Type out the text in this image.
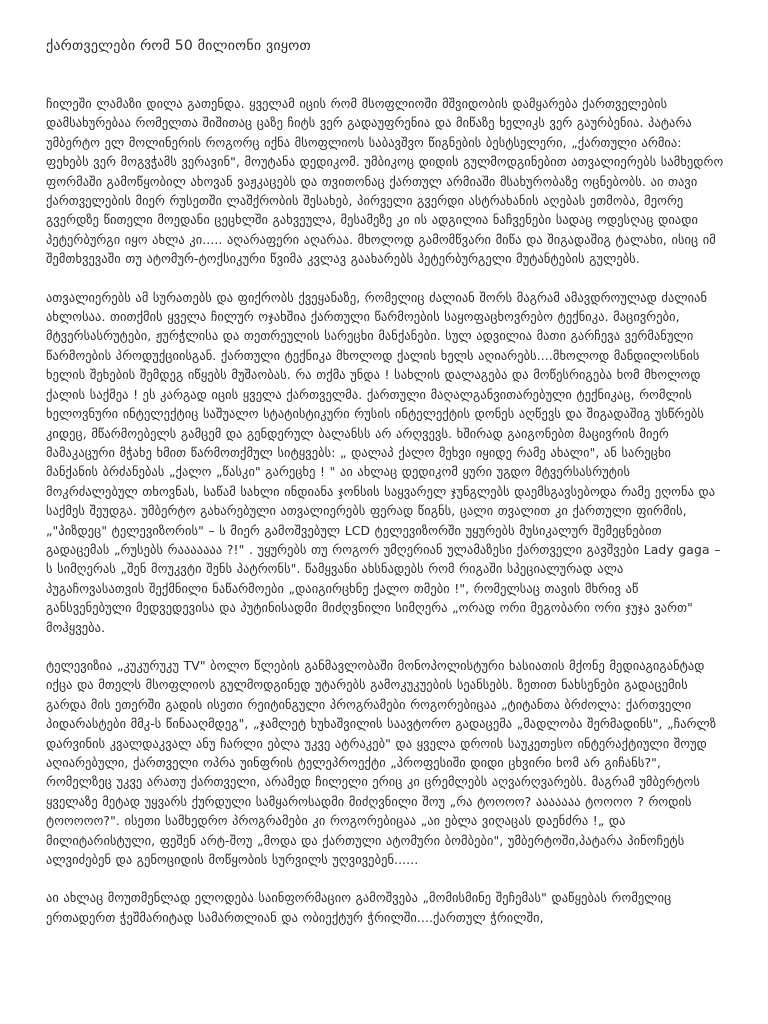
ქართველები რომ 50 მილიონი ვიყოთ

ჩილეში ლამაზი დილა გათენდა. ყველამ იცის რომ მსოფლიოში მშვიდობის დამყარება ქართველების დამსახურებაა რომელთა შიშითაც ცაზე ჩიტს ვერ გადაუფრენია და მიწაზე ხელიკს ვერ გაურბენია. პატარა უმბერტო ელ მოლინერის როგორც იქნა მსოფლიოს საბავშვო წიგნების ბესტსელერი, „ქართული არმია: ფეხებს ვერ მოგვჭამს ვერავინ", მოუტანა დედიკომ. უმბიკოც დიდის გულმოდგინებით ათვალიერებს სამხედრო ფორმაში გამოწყობილ ახოვან ვაჟკაცებს და თვითონაც ქართულ არმიაში მსახურობაზე ოცნებობს. აი თავი ქართველების მიერ რუსეთში ლაშქრობის შესახებ, პირველი გვერდი ასტრახანის აღებას ეთმობა, მეორე გვერდზე წითელი მოედანი ცეცხლში გახვეულა, მესამეზე კი ის ადგილია ნაჩვენები სადაც ოდესღაც დიადი პეტერბურგი იყო ახლა კი..... აღარაფერი აღარაა. მხოლოდ გამომწვარი მიწა და შიგადაშიგ ტალახი, ისიც იმ შემთხვევაში თუ ატომურ-ტოქსიკური წვიმა კვლავ გაახარებს პეტერბურგელი მუტანტების გულებს.

ათვალიერებს ამ სურათებს და ფიქრობს ქვეყანაზე, რომელიც ძალიან შორს მაგრამ ამავდროულად ძალიან ახლოსაა. თითქმის ყველა ჩილურ ოჯახშია ქართული წარმოების საყოფაცხოვრებო ტექნიკა. მაცივრები, მტვერსასრუტები, ჟურჭლისა და თეთრეულის სარეცხი მანქანები. სულ ადვილია მათი გარჩევა ვერმანული წარმოების პროდუქციისგან. ქართული ტექნიკა მხოლოდ ქალის ხელს აღიარებს....მხოლოდ მანდილოსნის ხელის შეხების შემდეგ იწყებს მუშაობას. რა თქმა უნდა ! სახლის დალაგება და მოწესრიგება ხომ მხოლოდ ქალის საქმეა ! ეს კარგად იცის ყველა ქართველმა. ქართული მაღალგანვითარებული ტექნიკაც, რომლის ხელოვნური ინტელექტიც საშუალო სტატისტიკური რუსის ინტელექტის დონეს აღწევს და შიგადაშიგ უსწრებს კიდეც, მწარმოებელს გამცემ და გენდერულ ბალანსს არ არღვევს. ხშირად გაიგონებთ მაცივრის მიერ მამაკაცური მჭახე ხმით წარმოთქმულ სიტყვებს: „ დალაპ ქალო მეხვი იყიდე რამე ახალი", ან სარეცხი მანქანის ბრძანებას „ქალო „წასკი" გარეცხე ! " აი ახლაც დედიკომ ყური უგდო მტვერსასრუტის მოკრძალებულ თხოვნას, საწამ სახლი ინდიანა ჯონსის საყვარელ ჯუნგლებს დაემსგავსებოდა რამე ეღონა და საქმეს შეუდგა. უმბერტო გახარებული ათვალიერებს ფერად წიგნს, ცალი თვალით კი ქართული ფირმის, „"პიზდეც" ტელევიზორის" – ს მიერ გამოშვებულ LCD ტელევიზორში უყურებს მუსიკალურ შემეცნებით გადაცემას „რუსებს რააააააა ?!" . უყურებს თუ როგორ უმღერიან ულამაზესი ქართველი გავშვები Lady gaga – ს სიმღერას „შენ მოუკვტი შენს პატრონს". წამყვანი ახსნადებს რომ რიგაში სპეციალურად ალა პუგაჩოვასათვის შექმნილი ნაწარმოები „დაიგირცხნე ქალო თმები !", რომელსაც თავის მხრივ აწ განსვენებული მედვედევისა და პუტინისადმი მიძღვნილი სიმღერა „ორად ორი მეგობარი ორი ჯუჯა ვართ" მოჰყვება.

ტელევიზია „კუკურუკუ TV" ბოლო წლების განმავლობაში მონოპოლისტური ხასიათის მქონე მედიაგიგანტად იქცა და მთელს მსოფლიოს გულმოდგინედ უტარებს გამოკუკუების სეანსებს. ზეთით ნახსენები გადაცემის გარდა მის ეთერში გადის ისეთი რეიტინგული პროგრამები როგორებიცაა „ტიტანთა ბრძოლა: ქართველი პიდარასტები მმკ-ს წინააღმდეგ", „ჯამლეტ ხუხაშვილის საავტორო გადაცემა „მადლობა შერმადინს", „ჩარლზ დარვინის კვალდაკვალ ანუ ჩარლი ებლა უკვე ატრაკებ" და ყველა დროის საუკეთესო ინტერაქტიული შოუდ აღიარებული, ქართველი ოპრა უინფრის ტელეპროექტი „პროფესიში დიდი ცხვირი ხომ არ გიჩანს?", რომელზეც უკვე არათუ ქართველი, არამედ ჩილელი ერიც კი ცრემლებს აღვარღვარებს. მაგრამ უმბერტოს ყველაზე მეტად უყვარს ქურდული სამყაროსადმი მიძღვნილი შოუ „რა ტოოოო? ააააააა ტოოოო ? როდის ტოოოოო?". ისეთი სამხედრო პროგრამები კი როგორებიცაა „აი ებლა ვიღაცას დაენძრა !„ და მილიტარისტული, ფეშენ არტ-შოუ „მოდა და ქართული ატომური ბომბები", უმბერტოში,პატარა პინოჩეტს ალვიძებენ და გენოციდის მოწყობის სურვილს უღვივებენ......

აი ახლაც მოუთმენლად ელოდება საინფორმაციო გამოშვება „მომისმინე შეჩემას" დაწყებას რომელიც ერთადერთ ჭეშმარიტად სამართლიან და ობიექტურ ჭრილში....ქართულ ჭრილში,
